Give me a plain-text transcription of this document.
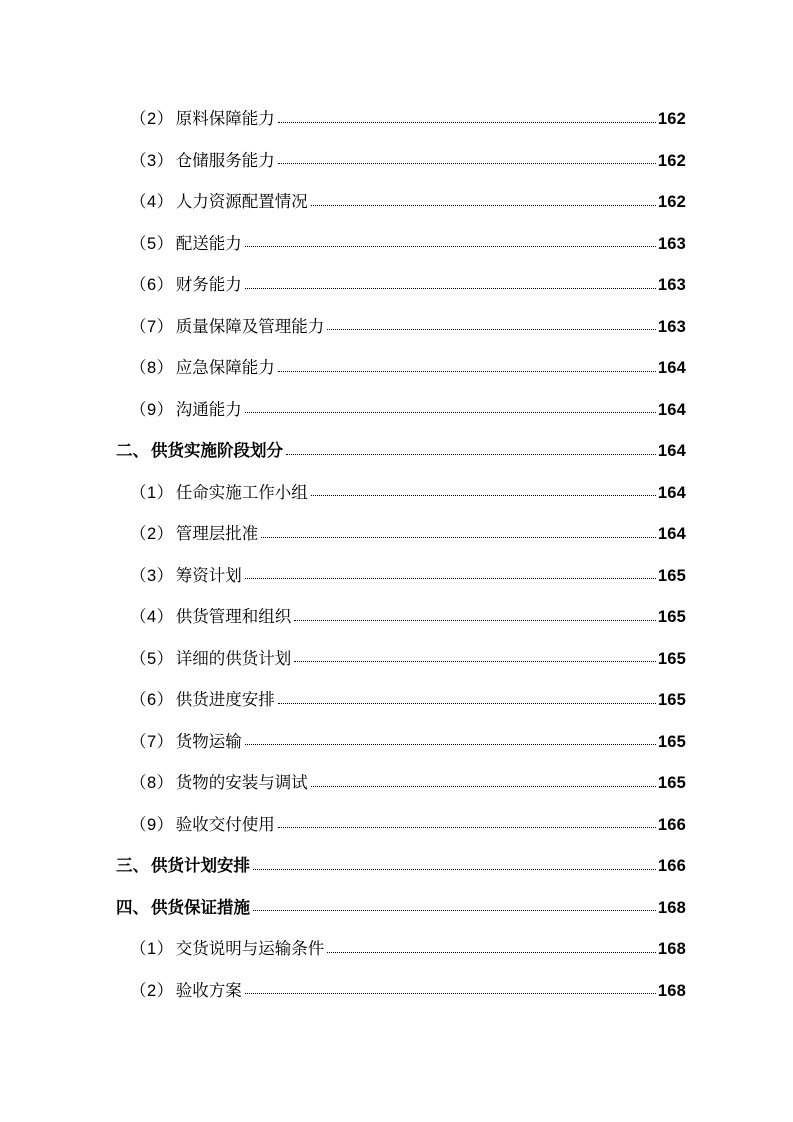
（2） 原料保障能力	162
（3） 仓储服务能力	162
（4） 人力资源配置情况	162
（5） 配送能力	163
（6） 财务能力	163
（7） 质量保障及管理能力	163
（8） 应急保障能力	164
（9） 沟通能力	164
二、 供货实施阶段划分	164
（1） 任命实施工作小组	164
（2） 管理层批准	164
（3） 筹资计划	165
（4） 供货管理和组织	165
（5） 详细的供货计划	165
（6） 供货进度安排	165
（7） 货物运输	165
（8） 货物的安装与调试	165
（9） 验收交付使用	166
三、 供货计划安排	166
四、 供货保证措施	168
（1） 交货说明与运输条件	168
（2） 验收方案	168
